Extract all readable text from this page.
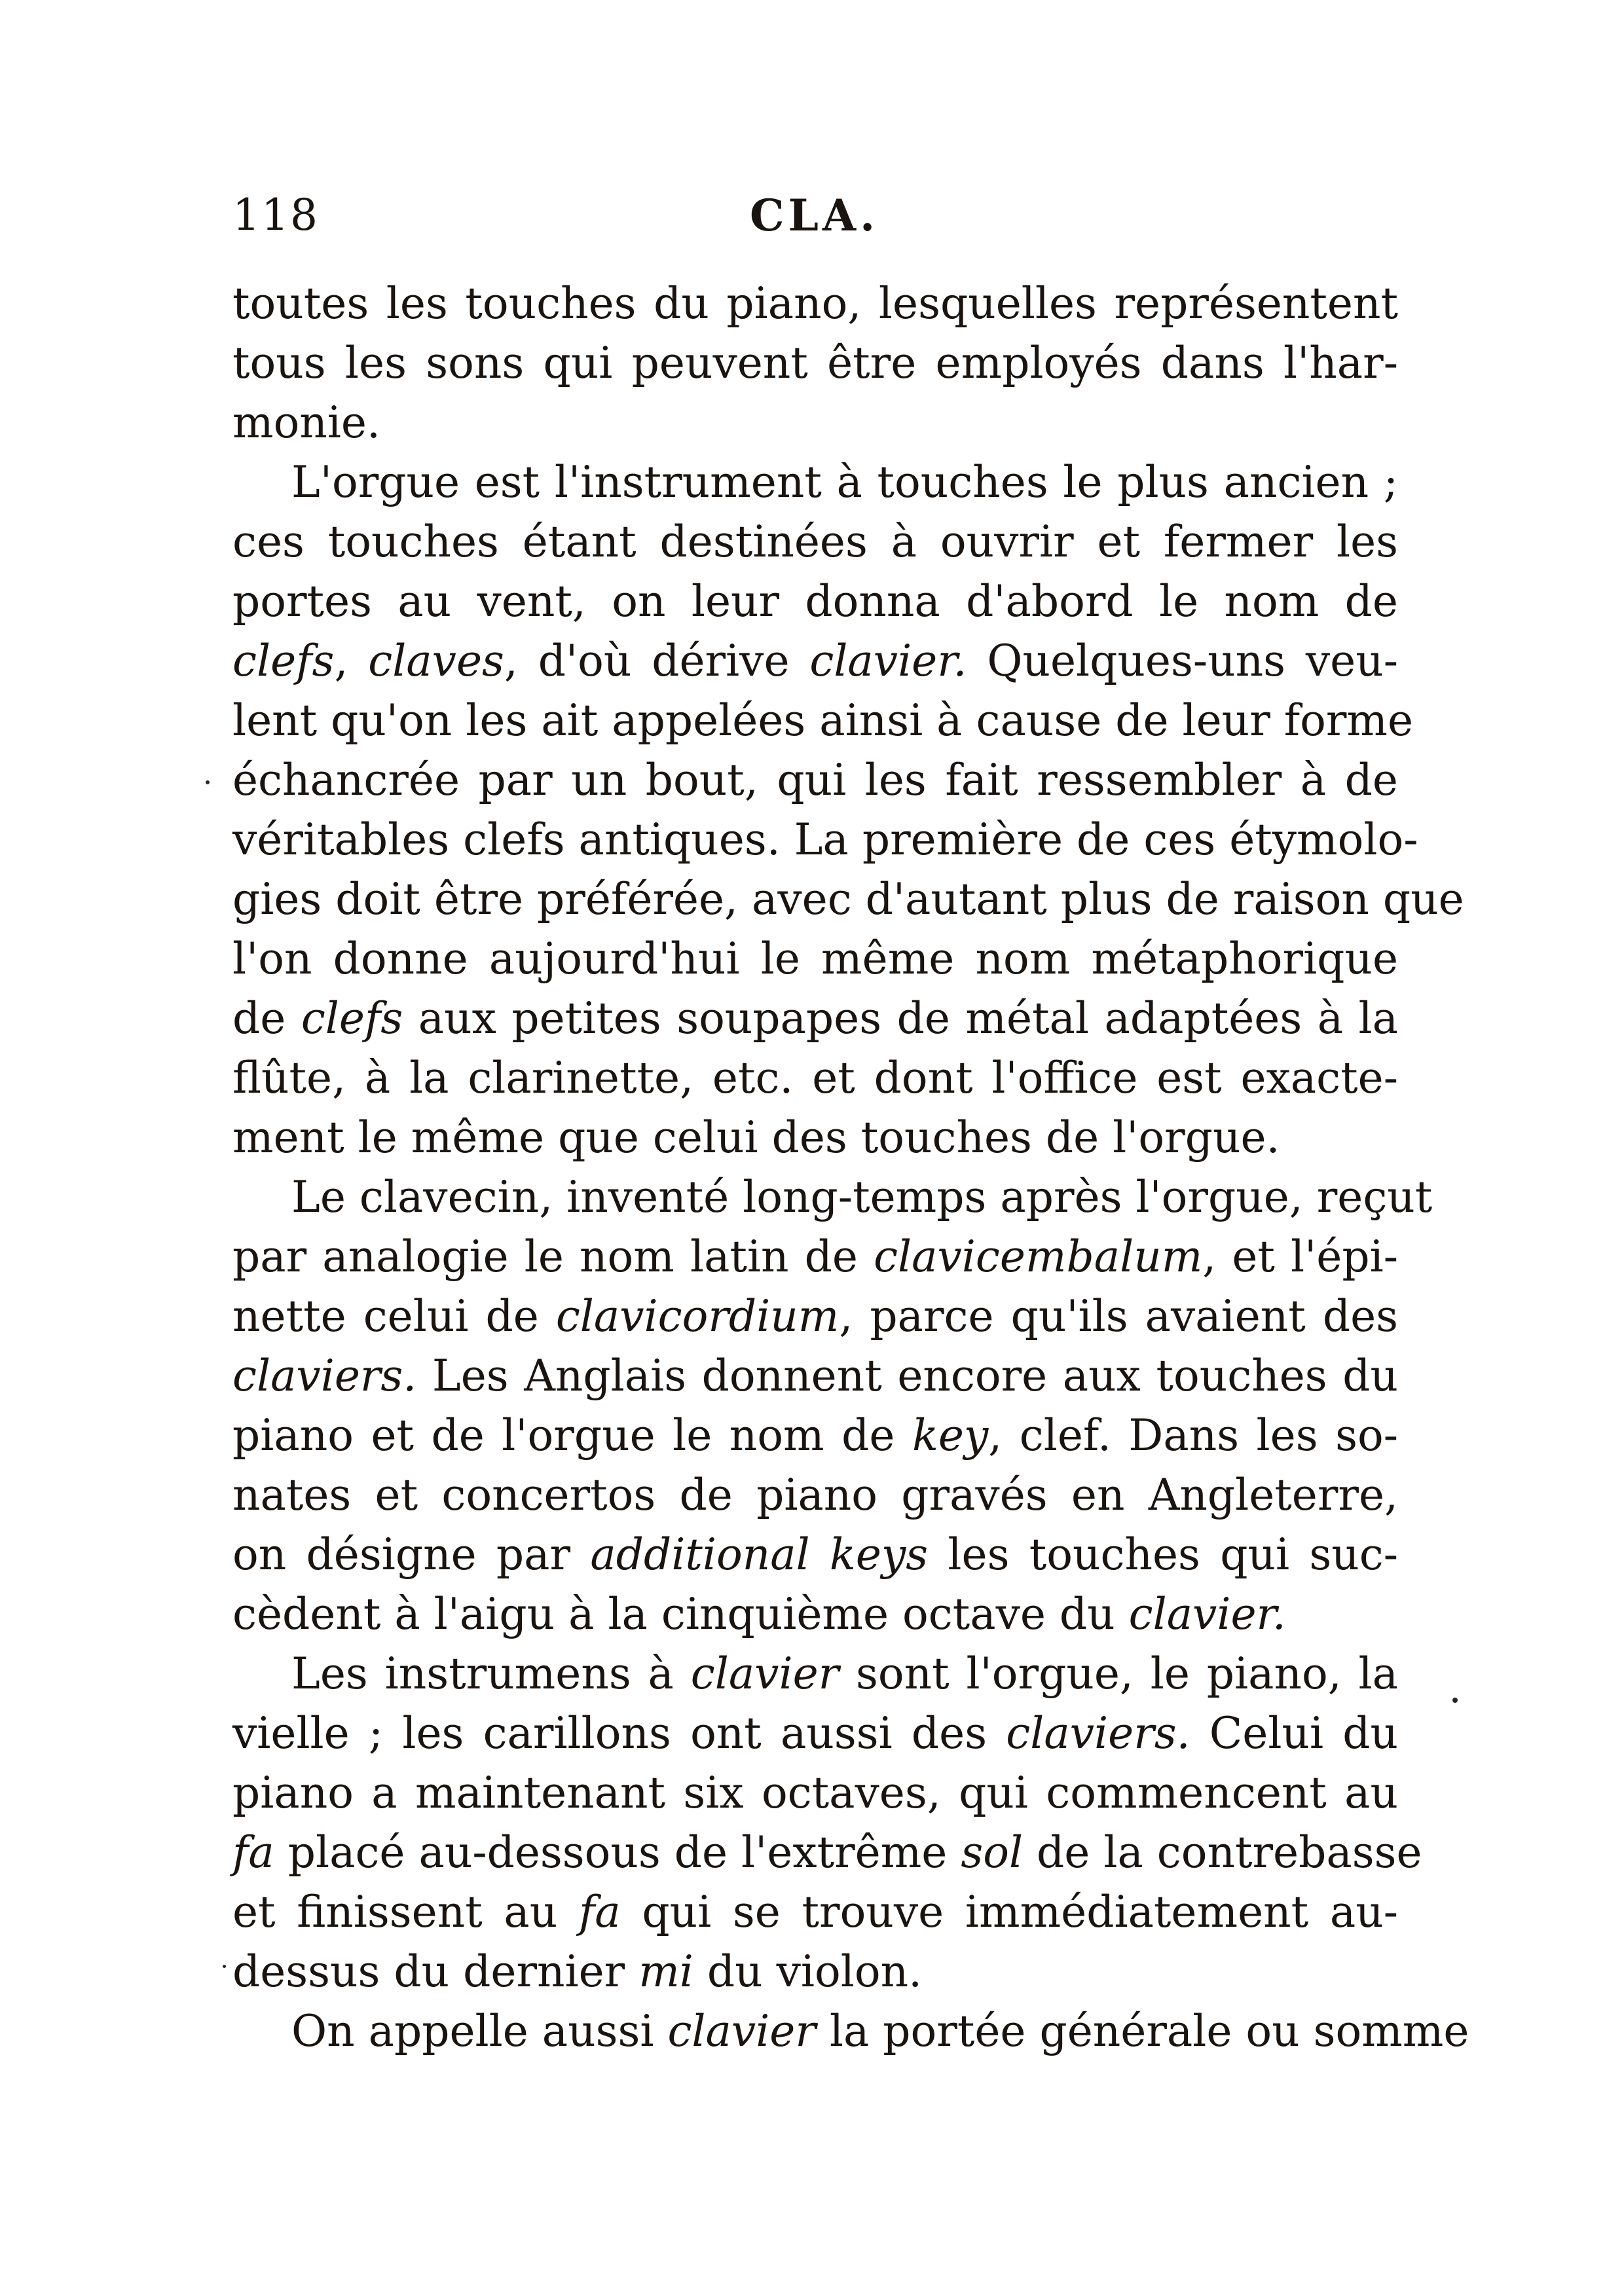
118	CLA.
toutes les touches du piano, lesquelles représentent
tous les sons qui peuvent être employés dans l'har-
monie.
L'orgue est l'instrument à touches le plus ancien ;
ces touches étant destinées à ouvrir et fermer les
portes au vent, on leur donna d'abord le nom de
clefs, claves, d'où dérive clavier. Quelques-uns veu-
lent qu'on les ait appelées ainsi à cause de leur forme
échancrée par un bout, qui les fait ressembler à de
véritables clefs antiques. La première de ces étymolo-
gies doit être préférée, avec d'autant plus de raison que
l'on donne aujourd'hui le même nom métaphorique
de clefs aux petites soupapes de métal adaptées à la
flûte, à la clarinette, etc. et dont l'office est exacte-
ment le même que celui des touches de l'orgue.
Le clavecin, inventé long-temps après l'orgue, reçut
par analogie le nom latin de clavicembalum, et l'épi-
nette celui de clavicordium, parce qu'ils avaient des
claviers. Les Anglais donnent encore aux touches du
piano et de l'orgue le nom de key, clef. Dans les so-
nates et concertos de piano gravés en Angleterre,
on désigne par additional keys les touches qui suc-
cèdent à l'aigu à la cinquième octave du clavier.
Les instrumens à clavier sont l'orgue, le piano, la
vielle ; les carillons ont aussi des claviers. Celui du
piano a maintenant six octaves, qui commencent au
fa placé au-dessous de l'extrême sol de la contrebasse
et finissent au fa qui se trouve immédiatement au-
dessus du dernier mi du violon.
On appelle aussi clavier la portée générale ou somme
